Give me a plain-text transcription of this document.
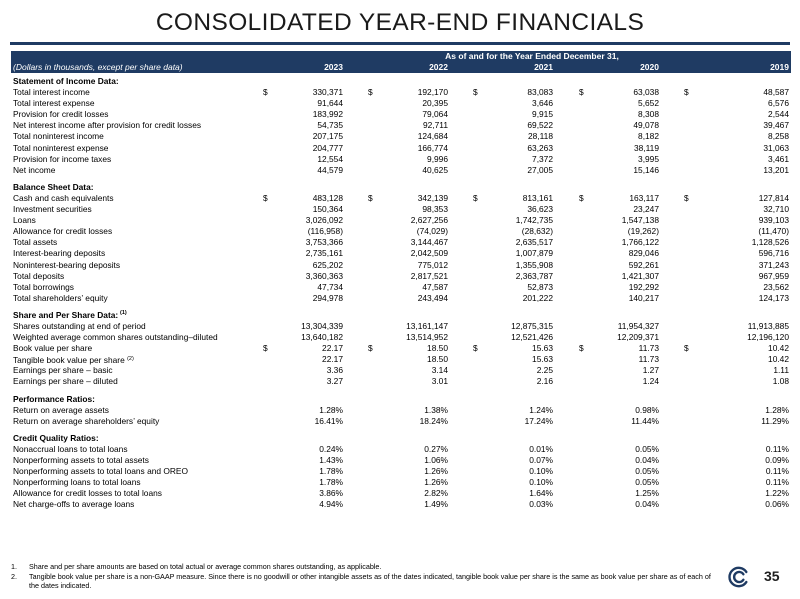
CONSOLIDATED YEAR-END FINANCIALS
As of and for the Year Ended December 31,
(Dollars in thousands, except per share data)	2023	2022	2021	2020	2019
Statement of Income Data:
Total interest income	$	330,371	$	192,170	$	83,083	$	63,038	$	48,587
Total interest expense	91,644	20,395	3,646	5,652	6,576
Provision for credit losses	183,992	79,064	9,915	8,308	2,544
Net interest income after provision for credit losses	54,735	92,711	69,522	49,078	39,467
Total noninterest income	207,175	124,684	28,118	8,182	8,258
Total noninterest expense	204,777	166,774	63,263	38,119	31,063
Provision for income taxes	12,554	9,996	7,372	3,995	3,461
Net income	44,579	40,625	27,005	15,146	13,201
Balance Sheet Data:
Cash and cash equivalents	$	483,128	$	342,139	$	813,161	$	163,117	$	127,814
Investment securities	150,364	98,353	36,623	23,247	32,710
Loans	3,026,092	2,627,256	1,742,735	1,547,138	939,103
Allowance for credit losses	(116,958)	(74,029)	(28,632)	(19,262)	(11,470)
Total assets	3,753,366	3,144,467	2,635,517	1,766,122	1,128,526
Interest-bearing deposits	2,735,161	2,042,509	1,007,879	829,046	596,716
Noninterest-bearing deposits	625,202	775,012	1,355,908	592,261	371,243
Total deposits	3,360,363	2,817,521	2,363,787	1,421,307	967,959
Total borrowings	47,734	47,587	52,873	192,292	23,562
Total shareholders’ equity	294,978	243,494	201,222	140,217	124,173
Share and Per Share Data: (1)
Shares outstanding at end of period	13,304,339	13,161,147	12,875,315	11,954,327	11,913,885
Weighted average common shares outstanding–diluted	13,640,182	13,514,952	12,521,426	12,209,371	12,196,120
Book value per share	$	22.17	$	18.50	$	15.63	$	11.73	$	10.42
Tangible book value per share $^{(2)}$	22.17	18.50	15.63	11.73	10.42
Earnings per share – basic	3.36	3.14	2.25	1.27	1.11
Earnings per share – diluted	3.27	3.01	2.16	1.24	1.08
Performance Ratios:
Return on average assets	1.28%	1.38%	1.24%	0.98%	1.28%
Return on average shareholders’ equity	16.41%	18.24%	17.24%	11.44%	11.29%
Credit Quality Ratios:
Nonaccrual loans to total loans	0.24%	0.27%	0.01%	0.05%	0.11%
Nonperforming assets to total assets	1.43%	1.06%	0.07%	0.04%	0.09%
Nonperforming assets to total loans and OREO	1.78%	1.26%	0.10%	0.05%	0.11%
Nonperforming loans to total loans	1.78%	1.26%	0.10%	0.05%	0.11%
Allowance for credit losses to total loans	3.86%	2.82%	1.64%	1.25%	1.22%
Net charge-offs to average loans	4.94%	1.49%	0.03%	0.04%	0.06%
1. Share and per share amounts are based on total actual or average common shares outstanding, as applicable.
2. Tangible book value per share is a non-GAAP measure. Since there is no goodwill or other intangible assets as of the dates indicated, tangible book value per share is the same as book value per share as of each of the dates indicated.
35
